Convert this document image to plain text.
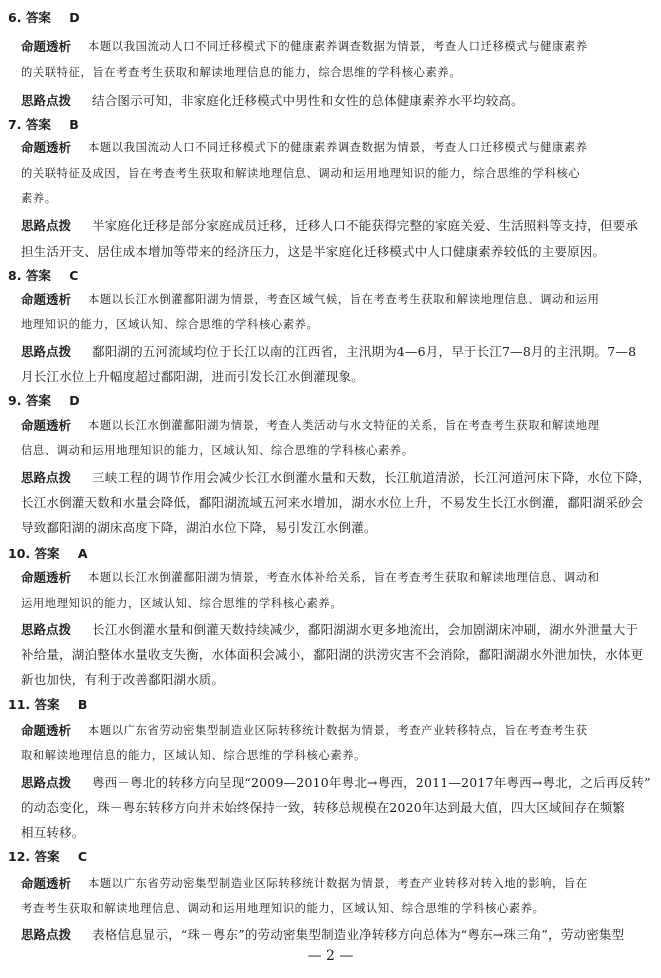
6. 答案 D
命题透析 本题以我国流动人口不同迁移模式下的健康素养调查数据为情景，考查人口迁移模式与健康素养
的关联特征，旨在考查考生获取和解读地理信息的能力，综合思维的学科核心素养。
思路点拨 结合图示可知，非家庭化迁移模式中男性和女性的总体健康素养水平均较高。
7. 答案 B
命题透析 本题以我国流动人口不同迁移模式下的健康素养调查数据为情景，考查人口迁移模式与健康素养
的关联特征及成因，旨在考查考生获取和解读地理信息、调动和运用地理知识的能力，综合思维的学科核心
素养。
思路点拨 半家庭化迁移是部分家庭成员迁移，迁移人口不能获得完整的家庭关爱、生活照料等支持，但要承
担生活开支、居住成本增加等带来的经济压力，这是半家庭化迁移模式中人口健康素养较低的主要原因。
8. 答案 C
命题透析 本题以长江水倒灌鄱阳湖为情景，考查区域气候，旨在考查考生获取和解读地理信息、调动和运用
地理知识的能力，区域认知、综合思维的学科核心素养。
思路点拨 鄱阳湖的五河流域均位于长江以南的江西省，主汛期为4—6月，早于长江7—8月的主汛期。7—8
月长江水位上升幅度超过鄱阳湖，进而引发长江水倒灌现象。
9. 答案 D
命题透析 本题以长江水倒灌鄱阳湖为情景，考查人类活动与水文特征的关系，旨在考查考生获取和解读地理
信息、调动和运用地理知识的能力，区域认知、综合思维的学科核心素养。
思路点拨 三峡工程的调节作用会减少长江水倒灌水量和天数，长江航道清淤，长江河道河床下降，水位下降，
长江水倒灌天数和水量会降低，鄱阳湖流域五河来水增加，湖水水位上升，不易发生长江水倒灌，鄱阳湖采砂会
导致鄱阳湖的湖床高度下降，湖泊水位下降，易引发江水倒灌。
10. 答案 A
命题透析 本题以长江水倒灌鄱阳湖为情景，考查水体补给关系，旨在考查考生获取和解读地理信息、调动和
运用地理知识的能力，区域认知、综合思维的学科核心素养。
思路点拨 长江水倒灌水量和倒灌天数持续减少，鄱阳湖湖水更多地流出，会加剧湖床冲刷，湖水外泄量大于
补给量，湖泊整体水量收支失衡，水体面积会减小，鄱阳湖的洪涝灾害不会消除，鄱阳湖湖水外泄加快，水体更
新也加快，有利于改善鄱阳湖水质。
11. 答案 B
命题透析 本题以广东省劳动密集型制造业区际转移统计数据为情景，考查产业转移特点，旨在考查考生获
取和解读地理信息的能力，区域认知、综合思维的学科核心素养。
思路点拨 粤西－粤北的转移方向呈现“2009—2010年粤北→粤西，2011—2017年粤西→粤北，之后再反转”
的动态变化，珠－粤东转移方向并未始终保持一致，转移总规模在2020年达到最大值，四大区域间存在频繁
相互转移。
12. 答案 C
命题透析 本题以广东省劳动密集型制造业区际转移统计数据为情景，考查产业转移对转入地的影响，旨在
考查考生获取和解读地理信息、调动和运用地理知识的能力，区域认知、综合思维的学科核心素养。
思路点拨 表格信息显示，“珠－粤东”的劳动密集型制造业净转移方向总体为“粤东→珠三角”，劳动密集型
— 2 —
